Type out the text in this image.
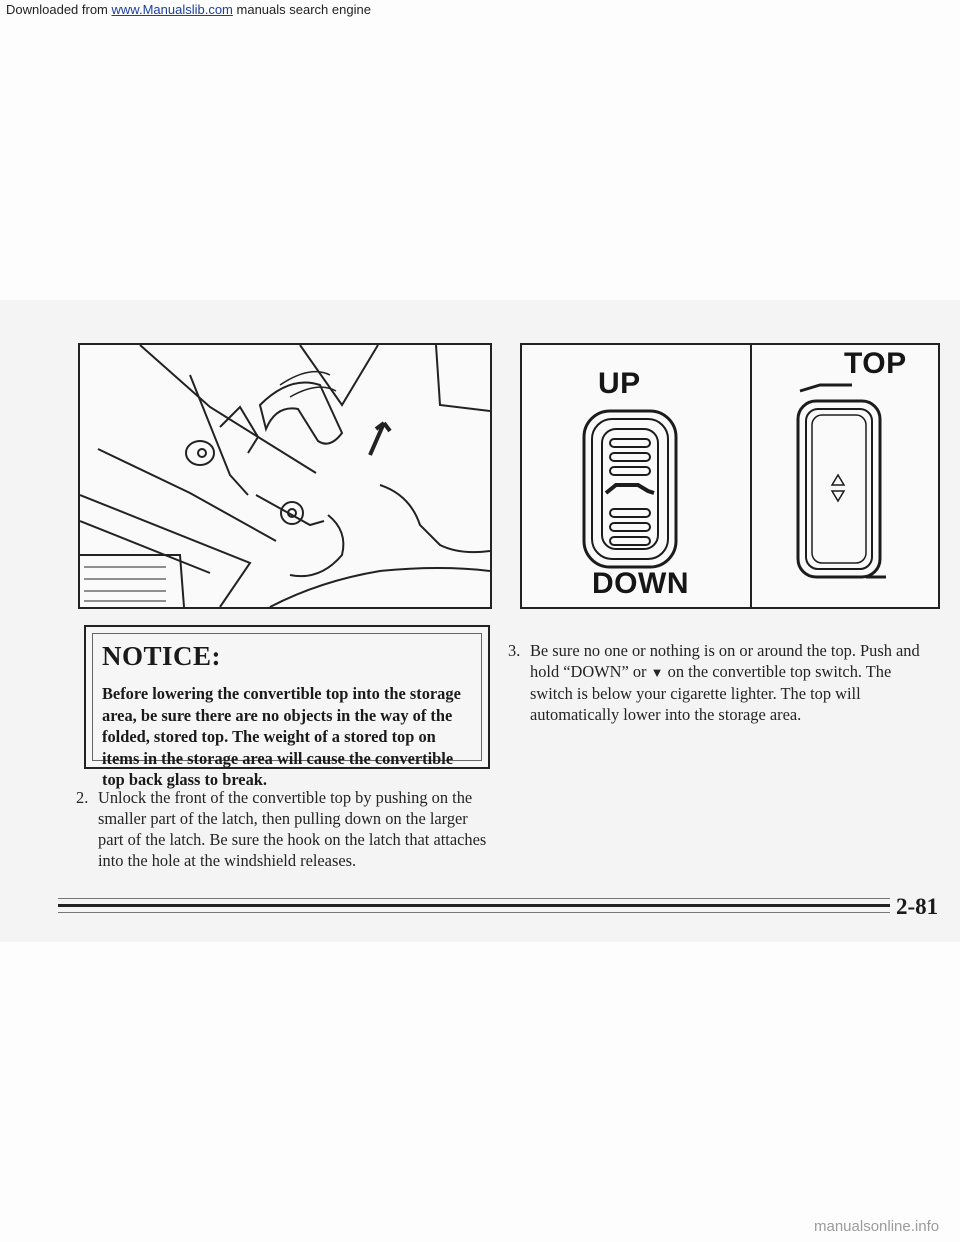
Downloaded from www.Manualslib.com manuals search engine
UP
TOP
DOWN
NOTICE:
Before lowering the convertible top into the storage area, be sure there are no objects in the way of the folded, stored top. The weight of a stored top on items in the storage area will cause the convertible top back glass to break.
2. Unlock the front of the convertible top by pushing on the smaller part of the latch, then pulling down on the larger part of the latch. Be sure the hook on the latch that attaches into the hole at the windshield releases.
3. Be sure no one or nothing is on or around the top. Push and hold “DOWN” or ▼ on the convertible top switch. The switch is below your cigarette lighter. The top will automatically lower into the storage area.
2-81
manualsonline.info
